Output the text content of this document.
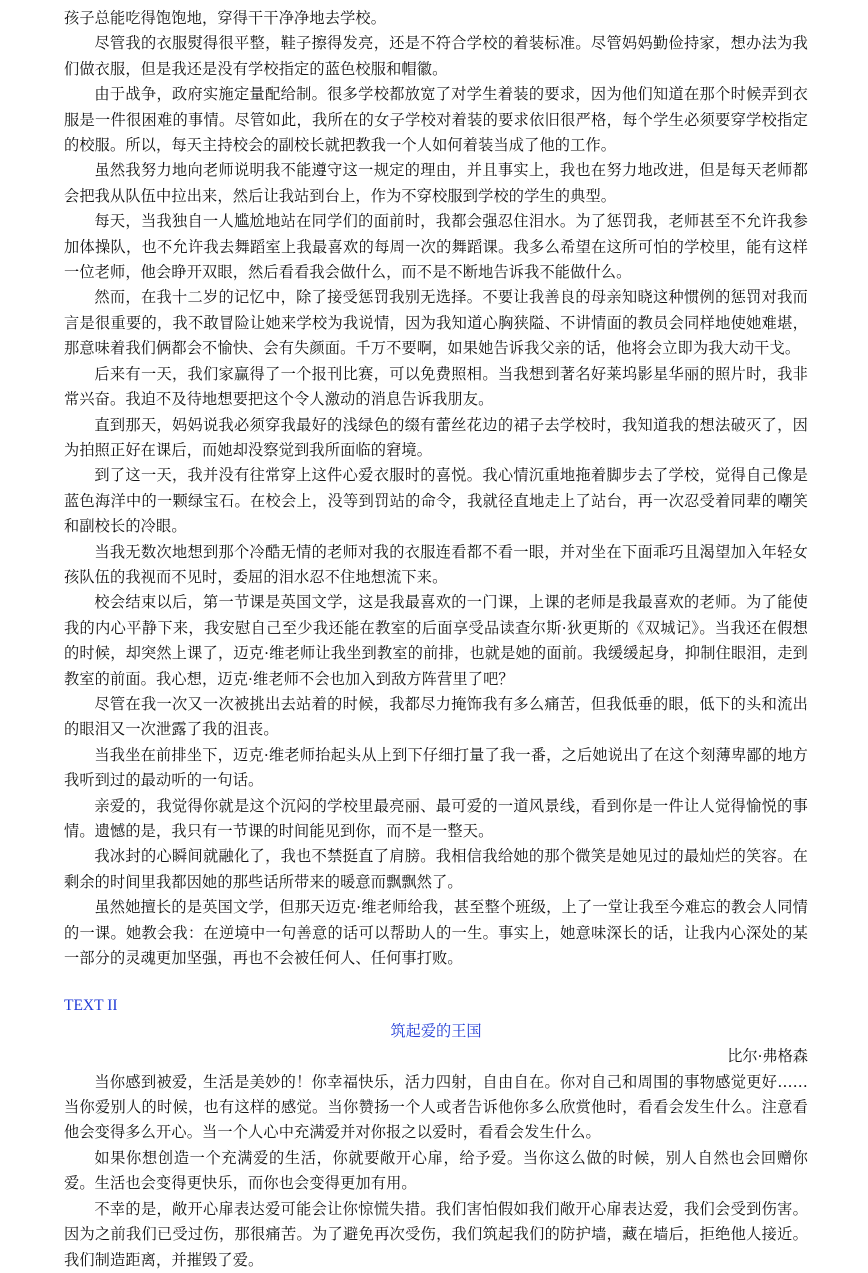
孩子总能吃得饱饱地，穿得干干净净地去学校。

尽管我的衣服熨得很平整，鞋子擦得发亮，还是不符合学校的着装标准。尽管妈妈勤俭持家，想办法为我们做衣服，但是我还是没有学校指定的蓝色校服和帽徽。

由于战争，政府实施定量配给制。很多学校都放宽了对学生着装的要求，因为他们知道在那个时候弄到衣服是一件很困难的事情。尽管如此，我所在的女子学校对着装的要求依旧很严格，每个学生必须要穿学校指定的校服。所以，每天主持校会的副校长就把教我一个人如何着装当成了他的工作。

虽然我努力地向老师说明我不能遵守这一规定的理由，并且事实上，我也在努力地改进，但是每天老师都会把我从队伍中拉出来，然后让我站到台上，作为不穿校服到学校的学生的典型。

每天，当我独自一人尴尬地站在同学们的面前时，我都会强忍住泪水。为了惩罚我，老师甚至不允许我参加体操队，也不允许我去舞蹈室上我最喜欢的每周一次的舞蹈课。我多么希望在这所可怕的学校里，能有这样一位老师，他会睁开双眼，然后看看我会做什么，而不是不断地告诉我不能做什么。

然而，在我十二岁的记忆中，除了接受惩罚我别无选择。不要让我善良的母亲知晓这种惯例的惩罚对我而言是很重要的，我不敢冒险让她来学校为我说情，因为我知道心胸狭隘、不讲情面的教员会同样地使她难堪，那意味着我们俩都会不愉快、会有失颜面。千万不要啊，如果她告诉我父亲的话，他将会立即为我大动干戈。

后来有一天，我们家赢得了一个报刊比赛，可以免费照相。当我想到著名好莱坞影星华丽的照片时，我非常兴奋。我迫不及待地想要把这个令人激动的消息告诉我朋友。

直到那天，妈妈说我必须穿我最好的浅绿色的缀有蕾丝花边的裙子去学校时，我知道我的想法破灭了，因为拍照正好在课后，而她却没察觉到我所面临的窘境。

到了这一天，我并没有往常穿上这件心爱衣服时的喜悦。我心情沉重地拖着脚步去了学校，觉得自己像是蓝色海洋中的一颗绿宝石。在校会上，没等到罚站的命令，我就径直地走上了站台，再一次忍受着同辈的嘲笑和副校长的冷眼。

当我无数次地想到那个冷酷无情的老师对我的衣服连看都不看一眼，并对坐在下面乖巧且渴望加入年轻女孩队伍的我视而不见时，委屈的泪水忍不住地想流下来。

校会结束以后，第一节课是英国文学，这是我最喜欢的一门课，上课的老师是我最喜欢的老师。为了能使我的内心平静下来，我安慰自己至少我还能在教室的后面享受品读查尔斯·狄更斯的《双城记》。当我还在假想的时候，却突然上课了，迈克·维老师让我坐到教室的前排，也就是她的面前。我缓缓起身，抑制住眼泪，走到教室的前面。我心想，迈克·维老师不会也加入到敌方阵营里了吧？

尽管在我一次又一次被挑出去站着的时候，我都尽力掩饰我有多么痛苦，但我低垂的眼，低下的头和流出的眼泪又一次泄露了我的沮丧。

当我坐在前排坐下，迈克·维老师抬起头从上到下仔细打量了我一番，之后她说出了在这个刻薄卑鄙的地方我听到过的最动听的一句话。

亲爱的，我觉得你就是这个沉闷的学校里最亮丽、最可爱的一道风景线，看到你是一件让人觉得愉悦的事情。遗憾的是，我只有一节课的时间能见到你，而不是一整天。

我冰封的心瞬间就融化了，我也不禁挺直了肩膀。我相信我给她的那个微笑是她见过的最灿烂的笑容。在剩余的时间里我都因她的那些话所带来的暖意而飘飘然了。

虽然她擅长的是英国文学，但那天迈克·维老师给我，甚至整个班级，上了一堂让我至今难忘的教会人同情的一课。她教会我：在逆境中一句善意的话可以帮助人的一生。事实上，她意味深长的话，让我内心深处的某一部分的灵魂更加坚强，再也不会被任何人、任何事打败。

TEXT II

筑起爱的王国

比尔·弗格森

当你感到被爱，生活是美妙的！你幸福快乐，活力四射，自由自在。你对自己和周围的事物感觉更好……当你爱别人的时候，也有这样的感觉。当你赞扬一个人或者告诉他你多么欣赏他时，看看会发生什么。注意看他会变得多么开心。当一个人心中充满爱并对你报之以爱时，看看会发生什么。

如果你想创造一个充满爱的生活，你就要敞开心扉，给予爱。当你这么做的时候，别人自然也会回赠你爱。生活也会变得更快乐，而你也会变得更加有用。

不幸的是，敞开心扉表达爱可能会让你惊慌失措。我们害怕假如我们敞开心扉表达爱，我们会受到伤害。因为之前我们已受过伤，那很痛苦。为了避免再次受伤，我们筑起我们的防护墙，藏在墙后，拒绝他人接近。我们制造距离，并摧毁了爱。
